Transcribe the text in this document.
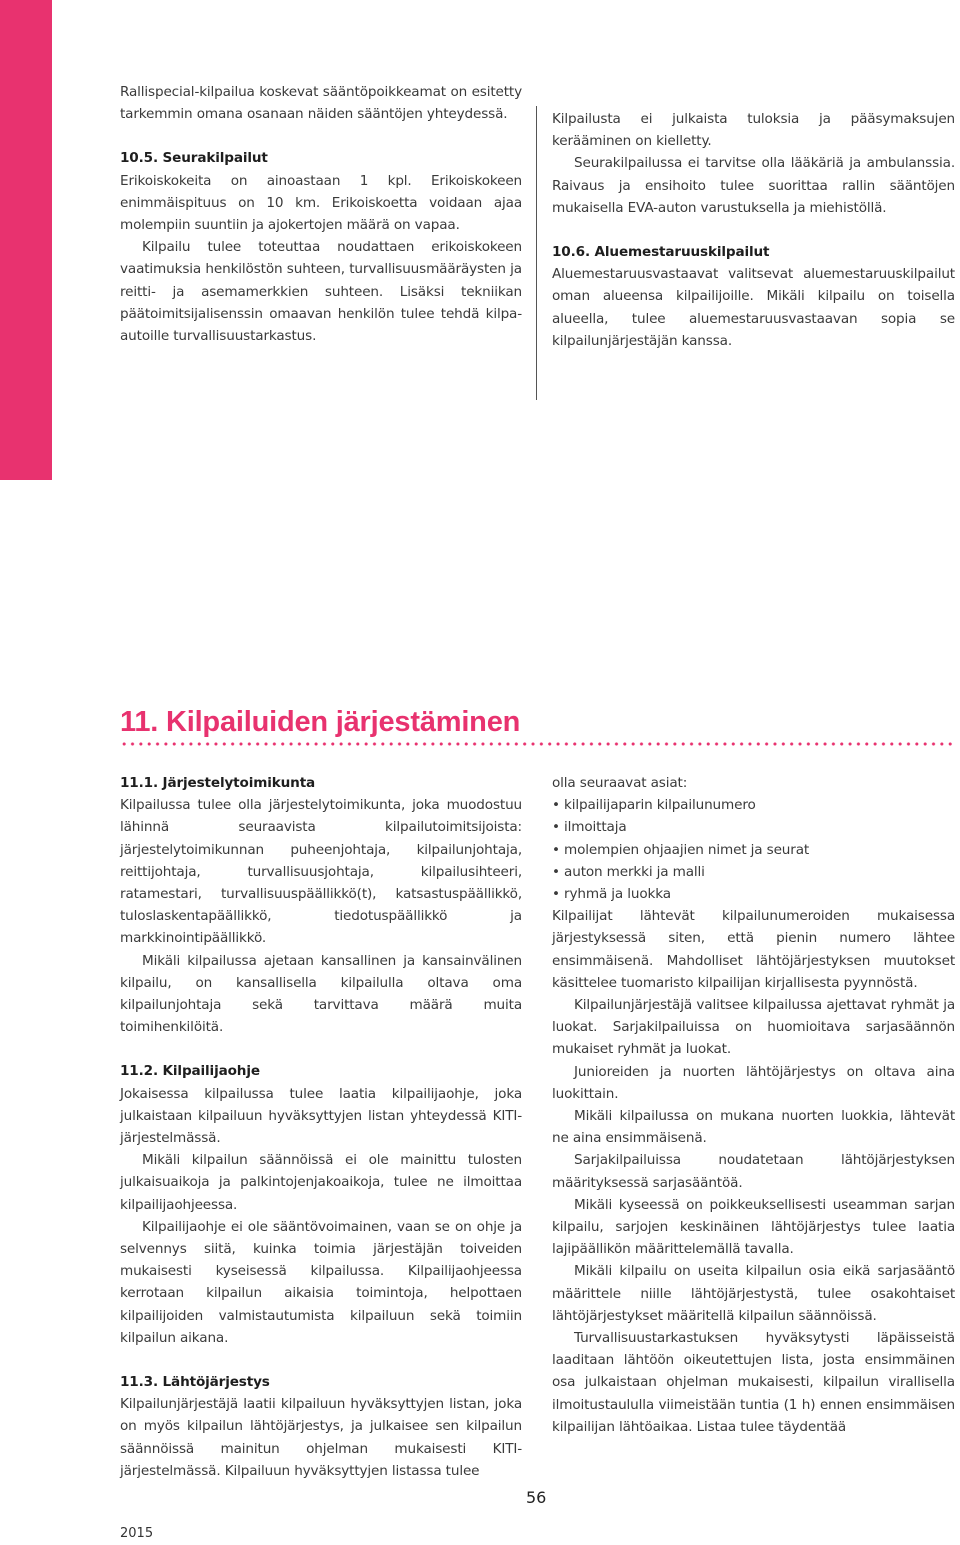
Rallispecial-kilpailua koskevat sääntöpoikkeamat on esitetty tarkemmin omana osanaan näiden sääntöjen yhteydessä.

10.5. Seurakilpailut

Erikoiskokeita on ainoastaan 1 kpl. Erikoiskokeen enimmäispituus on 10 km. Erikoiskoetta voidaan ajaa molempiin suuntiin ja ajokertojen määrä on vapaa.

Kilpailu tulee toteuttaa noudattaen erikoiskokeen vaatimuksia henkilöstön suhteen, turvallisuusmääräysten ja reitti- ja asemamerkkien suhteen. Lisäksi tekniikan päätoimitsijalisenssin omaavan henkilön tulee tehdä kilpa-autoille turvallisuustarkastus.

Kilpailusta ei julkaista tuloksia ja pääsymaksujen kerääminen on kielletty.

Seurakilpailussa ei tarvitse olla lääkäriä ja ambulanssia. Raivaus ja ensihoito tulee suorittaa rallin sääntöjen mukaisella EVA-auton varustuksella ja miehistöllä.

10.6. Aluemestaruuskilpailut

Aluemestaruusvastaavat valitsevat aluemestaruuskilpailut oman alueensa kilpailijoille. Mikäli kilpailu on toisella alueella, tulee aluemestaruusvastaavan sopia se kilpailunjärjestäjän kanssa.

11. Kilpailuiden järjestäminen

11.1. Järjestelytoimikunta

Kilpailussa tulee olla järjestelytoimikunta, joka muodostuu lähinnä seuraavista kilpailutoimitsijoista: järjestelytoimikunnan puheenjohtaja, kilpailunjohtaja, reittijohtaja, turvallisuusjohtaja, kilpailusihteeri, ratamestari, turvallisuuspäällikkö(t), katsastuspäällikkö, tuloslaskentapäällikkö, tiedotuspäällikkö ja markkinointipäällikkö.

Mikäli kilpailussa ajetaan kansallinen ja kansainvälinen kilpailu, on kansallisella kilpailulla oltava oma kilpailunjohtaja sekä tarvittava määrä muita toimihenkilöitä.

11.2. Kilpailijaohje

Jokaisessa kilpailussa tulee laatia kilpailijaohje, joka julkaistaan kilpailuun hyväksyttyjen listan yhteydessä KITI-järjestelmässä.

Mikäli kilpailun säännöissä ei ole mainittu tulosten julkaisuaikoja ja palkintojenjakoaikoja, tulee ne ilmoittaa kilpailijaohjeessa.

Kilpailijaohje ei ole sääntövoimainen, vaan se on ohje ja selvennys siitä, kuinka toimia järjestäjän toiveiden mukaisesti kyseisessä kilpailussa. Kilpailijaohjeessa kerrotaan kilpailun aikaisia toimintoja, helpottaen kilpailijoiden valmistautumista kilpailuun sekä toimiin kilpailun aikana.

11.3. Lähtöjärjestys

Kilpailunjärjestäjä laatii kilpailuun hyväksyttyjen listan, joka on myös kilpailun lähtöjärjestys, ja julkaisee sen kilpailun säännöissä mainitun ohjelman mukaisesti KITI-järjestelmässä. Kilpailuun hyväksyttyjen listassa tulee

olla seuraavat asiat:

• kilpailijaparin kilpailunumero
• ilmoittaja
• molempien ohjaajien nimet ja seurat
• auton merkki ja malli
• ryhmä ja luokka

Kilpailijat lähtevät kilpailunumeroiden mukaisessa järjestyksessä siten, että pienin numero lähtee ensimmäisenä. Mahdolliset lähtöjärjestyksen muutokset käsittelee tuomaristo kilpailijan kirjallisesta pyynnöstä.

Kilpailunjärjestäjä valitsee kilpailussa ajettavat ryhmät ja luokat. Sarjakilpailuissa on huomioitava sarjasäännön mukaiset ryhmät ja luokat.

Junioreiden ja nuorten lähtöjärjestys on oltava aina luokittain.

Mikäli kilpailussa on mukana nuorten luokkia, lähtevät ne aina ensimmäisenä.

Sarjakilpailuissa noudatetaan lähtöjärjestyksen määrityksessä sarjasääntöä.

Mikäli kyseessä on poikkeuksellisesti useamman sarjan kilpailu, sarjojen keskinäinen lähtöjärjestys tulee laatia lajipäällikön määrittelemällä tavalla.

Mikäli kilpailu on useita kilpailun osia eikä sarjasääntö määrittele niille lähtöjärjestystä, tulee osakohtaiset lähtöjärjestykset määritellä kilpailun säännöissä.

Turvallisuustarkastuksen hyväksytysti läpäisseistä laaditaan lähtöön oikeutettujen lista, josta ensimmäinen osa julkaistaan ohjelman mukaisesti, kilpailun virallisella ilmoitustaululla viimeistään tuntia (1 h) ennen ensimmäisen kilpailijan lähtöaikaa. Listaa tulee täydentää

56
2015
